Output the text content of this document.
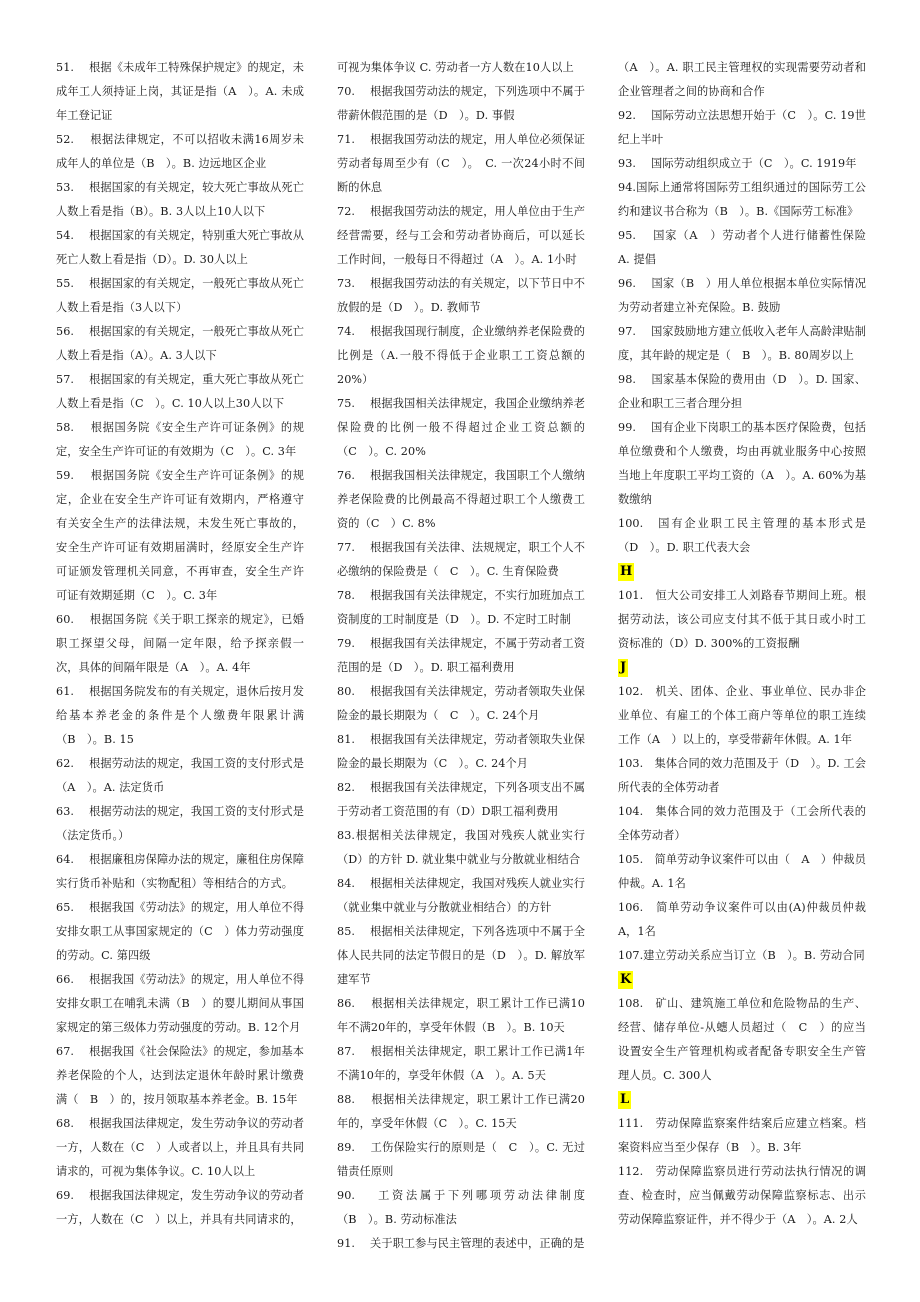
51.　 根据《未成年工特殊保护规定》的规定，未成年工人须持证上岗，其证是指（A　）。A. 未成年工登记证

52.　 根据法律规定，不可以招收未满16周岁未成年人的单位是（B　）。B. 边远地区企业

53.　 根据国家的有关规定，较大死亡事故从死亡人数上看是指（B）。B. 3人以上10人以下

54.　 根据国家的有关规定，特别重大死亡事故从死亡人数上看是指（D）。D. 30人以上

55.　 根据国家的有关规定，一般死亡事故从死亡人数上看是指（3人以下）

56.　 根据国家的有关规定，一般死亡事故从死亡人数上看是指（A）。A. 3人以下

57.　 根据国家的有关规定，重大死亡事故从死亡人数上看是指（C　）。C. 10人以上30人以下

58.　 根据国务院《安全生产许可证条例》的规定，安全生产许可证的有效期为（C　）。C. 3年

59.　 根据国务院《安全生产许可证条例》的规定，企业在安全生产许可证有效期内，严格遵守有关安全生产的法律法规，未发生死亡事故的，安全生产许可证有效期届满时，经原安全生产许可证颁发管理机关同意，不再审查，安全生产许可证有效期延期（C　）。C. 3年

60.　 根据国务院《关于职工探亲的规定》，已婚职工探望父母，间隔一定年限，给予探亲假一次，具体的间隔年限是（A　）。A. 4年

61.　 根据国务院发布的有关规定，退休后按月发给基本养老金的条件是个人缴费年限累计满（B　）。B. 15

62.　 根据劳动法的规定，我国工资的支付形式是（A　）。A. 法定货币

63.　 根据劳动法的规定，我国工资的支付形式是（法定货币。）

64.　 根据廉租房保障办法的规定，廉租住房保障实行货币补贴和（实物配租）等相结合的方式。

65.　 根据我国《劳动法》的规定，用人单位不得安排女职工从事国家规定的（C　）体力劳动强度的劳动。C. 第四级

66.　 根据我国《劳动法》的规定，用人单位不得安排女职工在哺乳未满（B　）的婴儿期间从事国家规定的第三级体力劳动强度的劳动。B. 12个月

67.　 根据我国《社会保险法》的规定，参加基本养老保险的个人，达到法定退休年龄时累计缴费满（　B　）的，按月领取基本养老金。B. 15年

68.　 根据我国法律规定，发生劳动争议的劳动者一方，人数在（C　）人或者以上，并且具有共同请求的，可视为集体争议。C. 10人以上

69.　 根据我国法律规定，发生劳动争议的劳动者一方，人数在（C　）以上，并具有共同请求的，

可视为集体争议 C. 劳动者一方人数在10人以上

70.　 根据我国劳动法的规定，下列选项中不属于带薪休假范围的是（D　）。D. 事假

71.　 根据我国劳动法的规定，用人单位必须保证劳动者每周至少有（C　）。　C. 一次24小时不间断的休息

72.　 根据我国劳动法的规定，用人单位由于生产经营需要，经与工会和劳动者协商后，可以延长工作时间，一般每日不得超过（A　）。A. 1小时

73.　 根据我国劳动法的有关规定，以下节日中不放假的是（D　）。D. 教师节

74.　 根据我国现行制度，企业缴纳养老保险费的比例是（A.一般不得低于企业职工工资总额的20%）

75.　 根据我国相关法律规定，我国企业缴纳养老保险费的比例一般不得超过企业工资总额的（C　）。C. 20%

76.　 根据我国相关法律规定，我国职工个人缴纳养老保险费的比例最高不得超过职工个人缴费工资的（C　）C. 8%

77.　 根据我国有关法律、法规规定，职工个人不必缴纳的保险费是（　C　）。C. 生育保险费

78.　 根据我国有关法律规定，不实行加班加点工资制度的工时制度是（D　）。D. 不定时工时制

79.　 根据我国有关法律规定，不属于劳动者工资范围的是（D　）。D. 职工福利费用

80.　 根据我国有关法律规定，劳动者领取失业保险金的最长期限为（　C　）。C. 24个月

81.　 根据我国有关法律规定，劳动者领取失业保险金的最长期限为（C　）。C. 24个月

82.　 根据我国有关法律规定，下列各项支出不属于劳动者工资范围的有（D）D职工福利费用

83.根据相关法律规定，我国对残疾人就业实行（D）的方针 D. 就业集中就业与分散就业相结合

84.　 根据相关法律规定，我国对残疾人就业实行（就业集中就业与分散就业相结合）的方针

85.　 根据相关法律规定，下列各选项中不属于全体人民共同的法定节假日的是（D　）。D. 解放军建军节

86.　 根据相关法律规定，职工累计工作已满10年不满20年的，享受年休假（B　）。B. 10天

87.　 根据相关法律规定，职工累计工作已满1年不满10年的，享受年休假（A　）。A. 5天

88.　 根据相关法律规定，职工累计工作已满20年的，享受年休假（C　）。C. 15天

89.　 工伤保险实行的原则是（　C　）。C. 无过错责任原则

90.　 工资法属于下列哪项劳动法律制度（B　）。B. 劳动标准法

91.　 关于职工参与民主管理的表述中，正确的是

（A　）。A. 职工民主管理权的实现需要劳动者和企业管理者之间的协商和合作

92.　 国际劳动立法思想开始于（C　）。C. 19世纪上半叶

93.　 国际劳动组织成立于（C　）。C. 1919年

94.国际上通常将国际劳工组织通过的国际劳工公约和建议书合称为（B　）。B.《国际劳工标准》

95.　 国家（A　）劳动者个人进行储蓄性保险　A. 提倡

96.　 国家（B　）用人单位根据本单位实际情况为劳动者建立补充保险。B. 鼓励

97.　 国家鼓励地方建立低收入老年人高龄津贴制度，其年龄的规定是（　B　）。B. 80周岁以上

98.　 国家基本保险的费用由（D　）。D. 国家、企业和职工三者合理分担

99.　 国有企业下岗职工的基本医疗保险费，包括单位缴费和个人缴费，均由再就业服务中心按照当地上年度职工平均工资的（A　）。A. 60%为基数缴纳

100.　国有企业职工民主管理的基本形式是（D　）。D. 职工代表大会

H

101.　恒大公司安排工人刘路春节期间上班。根据劳动法，该公司应支付其不低于其日或小时工资标准的（D）D. 300%的工资报酬

J

102.　机关、团体、企业、事业单位、民办非企业单位、有雇工的个体工商户等单位的职工连续工作（A　）以上的，享受带薪年休假。A. 1年

103.　集体合同的效力范围及于（D　）。D. 工会所代表的全体劳动者

104.　集体合同的效力范围及于（工会所代表的全体劳动者）

105.　简单劳动争议案件可以由（　A　）仲裁员仲裁。A. 1名

106.　简单劳动争议案件可以由(A)仲裁员仲裁A，1名

107.建立劳动关系应当订立（B　）。B. 劳动合同

K

108.　矿山、建筑施工单位和危险物品的生产、经营、储存单位-从蟪人员超过（　C　）的应当设置安全生产管理机构或者配备专职安全生产管理人员。C. 300人

L

111.　劳动保障监察案件结案后应建立档案。档案资料应当至少保存（B　）。B. 3年

112.　劳动保障监察员进行劳动法执行情况的调查、检查时，应当佩戴劳动保障监察标志、出示劳动保障监察证件，并不得少于（A　）。A. 2人
